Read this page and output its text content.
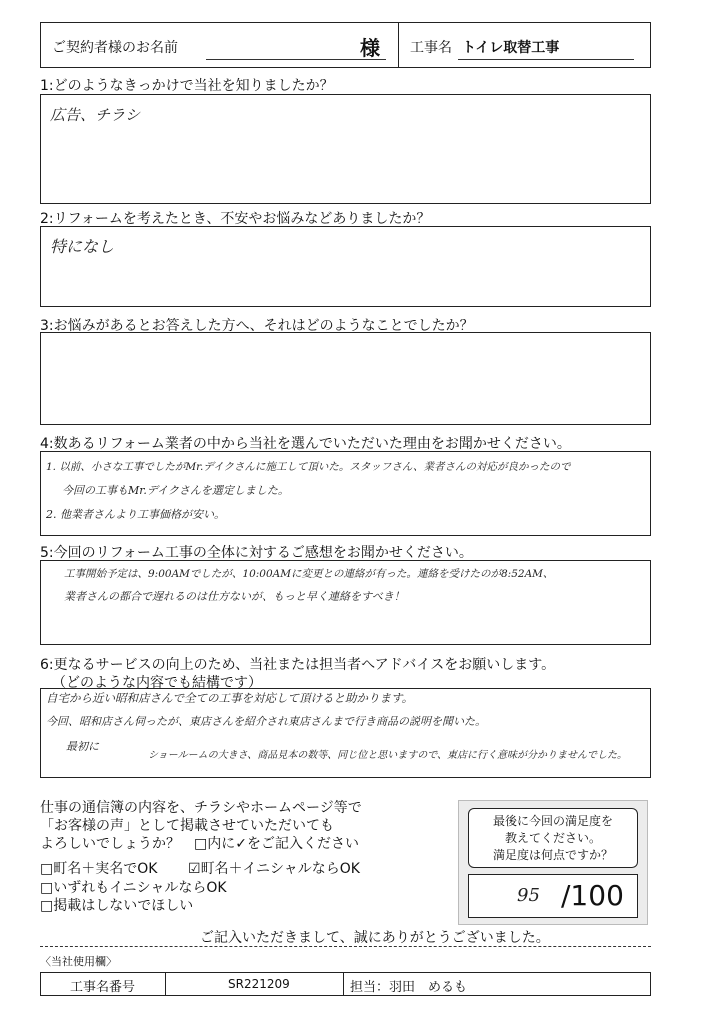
ご契約者様のお名前	様 工事名 トイレ取替工事
1:どのようなきっかけで当社を知りましたか？
広告、チラシ
2:リフォームを考えたとき、不安やお悩みなどありましたか？
特になし
3:お悩みがあるとお答えした方へ、それはどのようなことでしたか？
4:数あるリフォーム業者の中から当社を選んでいただいた理由をお聞かせください。
1. 以前、小さな工事でしたがMr.デイクさんに施工して頂いた。スタッフさん、業者さんの対応が良かったので
今回の工事もMr.デイクさんを選定しました。
2. 他業者さんより工事価格が安い。
5:今回のリフォーム工事の全体に対するご感想をお聞かせください。
工事開始予定は、9:00AMでしたが、10:00AMに変更との連絡が有った。連絡を受けたのが8:52AM、
業者さんの都合で遅れるのは仕方ないが、もっと早く連絡をすべき！
6:更なるサービスの向上のため、当社または担当者へアドバイスをお願いします。
（どのような内容でも結構です）
自宅から近い昭和店さんで全ての工事を対応して頂けると助かります。
今回、昭和店さん伺ったが、東店さんを紹介され東店さんまで行き商品の説明を聞いた。
最初に
ショールームの大きさ、商品見本の数等、同じ位と思いますので、東店に行く意味が分かりませんでした。
仕事の通信簿の内容を、チラシやホームページ等で
「お客様の声」として掲載させていただいても
よろしいでしょうか？　□内に✓をご記入ください
□町名＋実名でOK ☑町名＋イニシャルならOK
□いずれもイニシャルならOK
□掲載はしないでほしい
最後に今回の満足度を
教えてください。
満足度は何点ですか？
95 /100
ご記入いただきまして、誠にありがとうございました。
〈当社使用欄〉
工事名番号	SR221209	担当：羽田　めるも
